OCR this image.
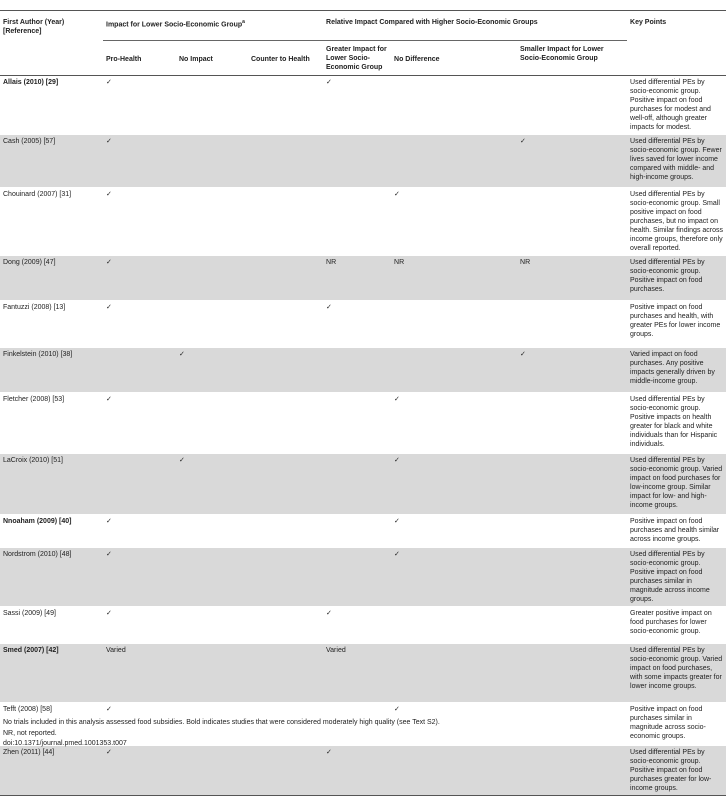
First Author (Year) [Reference]	Impact for Lower Socio-Economic Group$^a$			Relative Impact Compared with Higher Socio-Economic Groups			Key Points

	Pro-Health	No Impact	Counter to Health	Greater Impact for Lower Socio-Economic Group	No Difference	Smaller Impact for Lower Socio-Economic Group	
Allais (2010) [29]	✓			✓			Used differential PEs by socio-economic group. Positive impact on food purchases for modest and well-off, although greater impacts for modest.
Cash (2005) [57]	✓					✓	Used differential PEs by socio-economic group. Fewer lives saved for lower income compared with middle- and high-income groups.
Chouinard (2007) [31]	✓				✓		Used differential PEs by socio-economic group. Small positive impact on food purchases, but no impact on health. Similar findings across income groups, therefore only overall reported.
Dong (2009) [47]	✓			NR	NR	NR	Used differential PEs by socio-economic group. Positive impact on food purchases.
Fantuzzi (2008) [13]	✓			✓			Positive impact on food purchases and health, with greater PEs for lower income groups.
Finkelstein (2010) [38]		✓				✓	Varied impact on food purchases. Any positive impacts generally driven by middle-income group.
Fletcher (2008) [53]	✓				✓		Used differential PEs by socio-economic group. Positive impacts on health greater for black and white individuals than for Hispanic individuals.
LaCroix (2010) [51]		✓			✓		Used differential PEs by socio-economic group. Varied impact on food purchases for low-income group. Similar impact for low- and high-income groups.
Nnoaham (2009) [40]	✓				✓		Positive impact on food purchases and health similar across income groups.
Nordstrom (2010) [48]	✓				✓		Used differential PEs by socio-economic group. Positive impact on food purchases similar in magnitude across income groups.
Sassi (2009) [49]	✓			✓			Greater positive impact on food purchases for lower socio-economic group.
Smed (2007) [42]	Varied			Varied			Used differential PEs by socio-economic group. Varied impact on food purchases, with some impacts greater for lower income groups.
Tefft (2008) [58]	✓				✓		Positive impact on food purchases similar in magnitude across socio-economic groups.
Zhen (2011) [44]	✓			✓			Used differential PEs by socio-economic group. Positive impact on food purchases greater for low-income groups.
No trials included in this analysis assessed food subsidies. Bold indicates studies that were considered moderately high quality (see Text S2).
NR, not reported.
doi:10.1371/journal.pmed.1001353.t007
